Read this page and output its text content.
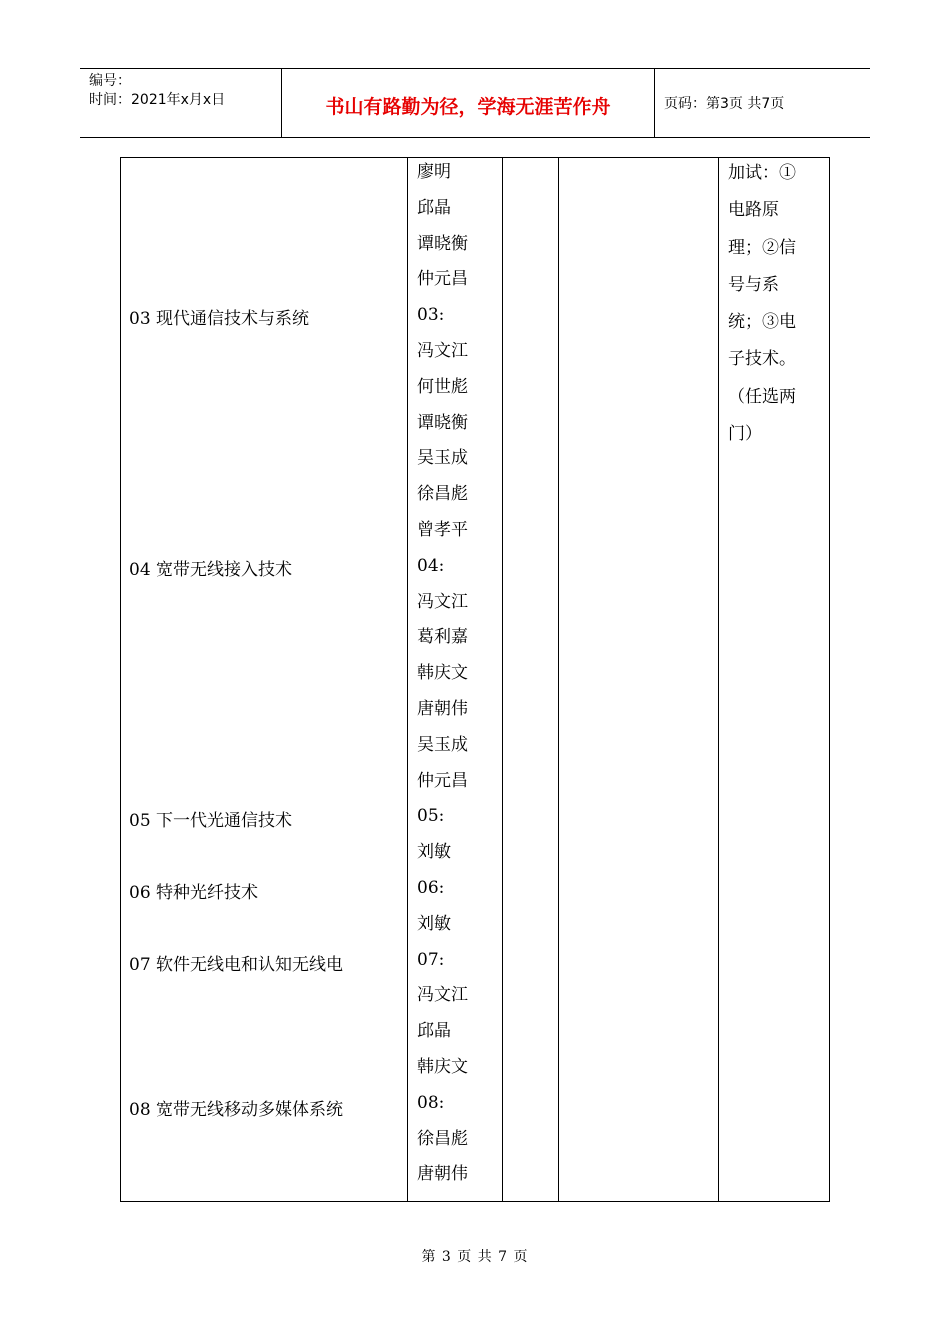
编号：
时间：2021年x月x日	书山有路勤为径，学海无涯苦作舟	页码：第3页 共7页
03 现代通信技术与系统
04 宽带无线接入技术
05 下一代光通信技术
06 特种光纤技术
07 软件无线电和认知无线电
08 宽带无线移动多媒体系统
廖明
邱晶
谭晓衡
仲元昌
03:
冯文江
何世彪
谭晓衡
吴玉成
徐昌彪
曾孝平
04:
冯文江
葛利嘉
韩庆文
唐朝伟
吴玉成
仲元昌
05:
刘敏
06:
刘敏
07:
冯文江
邱晶
韩庆文
08:
徐昌彪
唐朝伟
加试：①
电路原
理；②信
号与系
统；③电
子技术。
（任选两
门）
第 3 页 共 7 页
